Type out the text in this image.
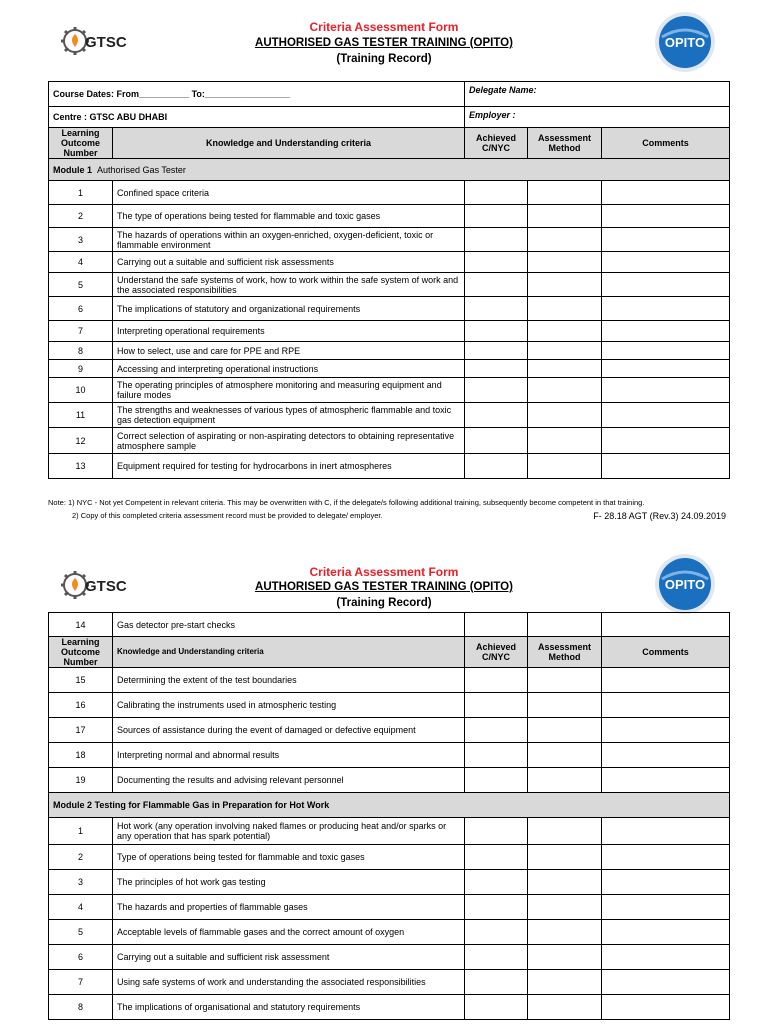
GTSC
Criteria Assessment Form
AUTHORISED GAS TESTER TRAINING (OPITO)
(Training Record)
OPITO
Course Dates: From__________ To:_________________		Delegate Name:		
Centre : GTSC ABU DHABI		Employer :		
Learning Outcome Number	Knowledge and Understanding criteria	Achieved C/NYC	Assessment Method	Comments
Module 1 Authorised Gas Tester				
1	Confined space criteria			
2	The type of operations being tested for flammable and toxic gases			
3	The hazards of operations within an oxygen-enriched, oxygen-deficient, toxic or flammable environment			
4	Carrying out a suitable and sufficient risk assessments			
5	Understand the safe systems of work, how to work within the safe system of work and the associated responsibilities			
6	The implications of statutory and organizational requirements			
7	Interpreting operational requirements			
8	How to select, use and care for PPE and RPE			
9	Accessing and interpreting operational instructions			
10	The operating principles of atmosphere monitoring and measuring equipment and failure modes			
11	The strengths and weaknesses of various types of atmospheric flammable and toxic gas detection equipment			
12	Correct selection of aspirating or non-aspirating detectors to obtaining representative atmosphere sample			
13	Equipment required for testing for hydrocarbons in inert atmospheres			
Note: 1) NYC - Not yet Competent in relevant criteria. This may be overwritten with C, if the delegate/s following additional training, subsequently become competent in that training.
2) Copy of this completed criteria assessment record must be provided to delegate/ employer.	F- 28.18 AGT (Rev.3) 24.09.2019
GTSC
Criteria Assessment Form
AUTHORISED GAS TESTER TRAINING (OPITO)
(Training Record)
OPITO
14	Gas detector pre-start checks			
Learning Outcome Number	Knowledge and Understanding criteria	Achieved C/NYC	Assessment Method	Comments
15	Determining the extent of the test boundaries			
16	Calibrating the instruments used in atmospheric testing			
17	Sources of assistance during the event of damaged or defective equipment			
18	Interpreting normal and abnormal results			
19	Documenting the results and advising relevant personnel			
Module 2 Testing for Flammable Gas in Preparation for Hot Work				
1	Hot work (any operation involving naked flames or producing heat and/or sparks or any operation that has spark potential)			
2	Type of operations being tested for flammable and toxic gases			
3	The principles of hot work gas testing			
4	The hazards and properties of flammable gases			
5	Acceptable levels of flammable gases and the correct amount of oxygen			
6	Carrying out a suitable and sufficient risk assessment			
7	Using safe systems of work and understanding the associated responsibilities			
8	The implications of organisational and statutory requirements			
